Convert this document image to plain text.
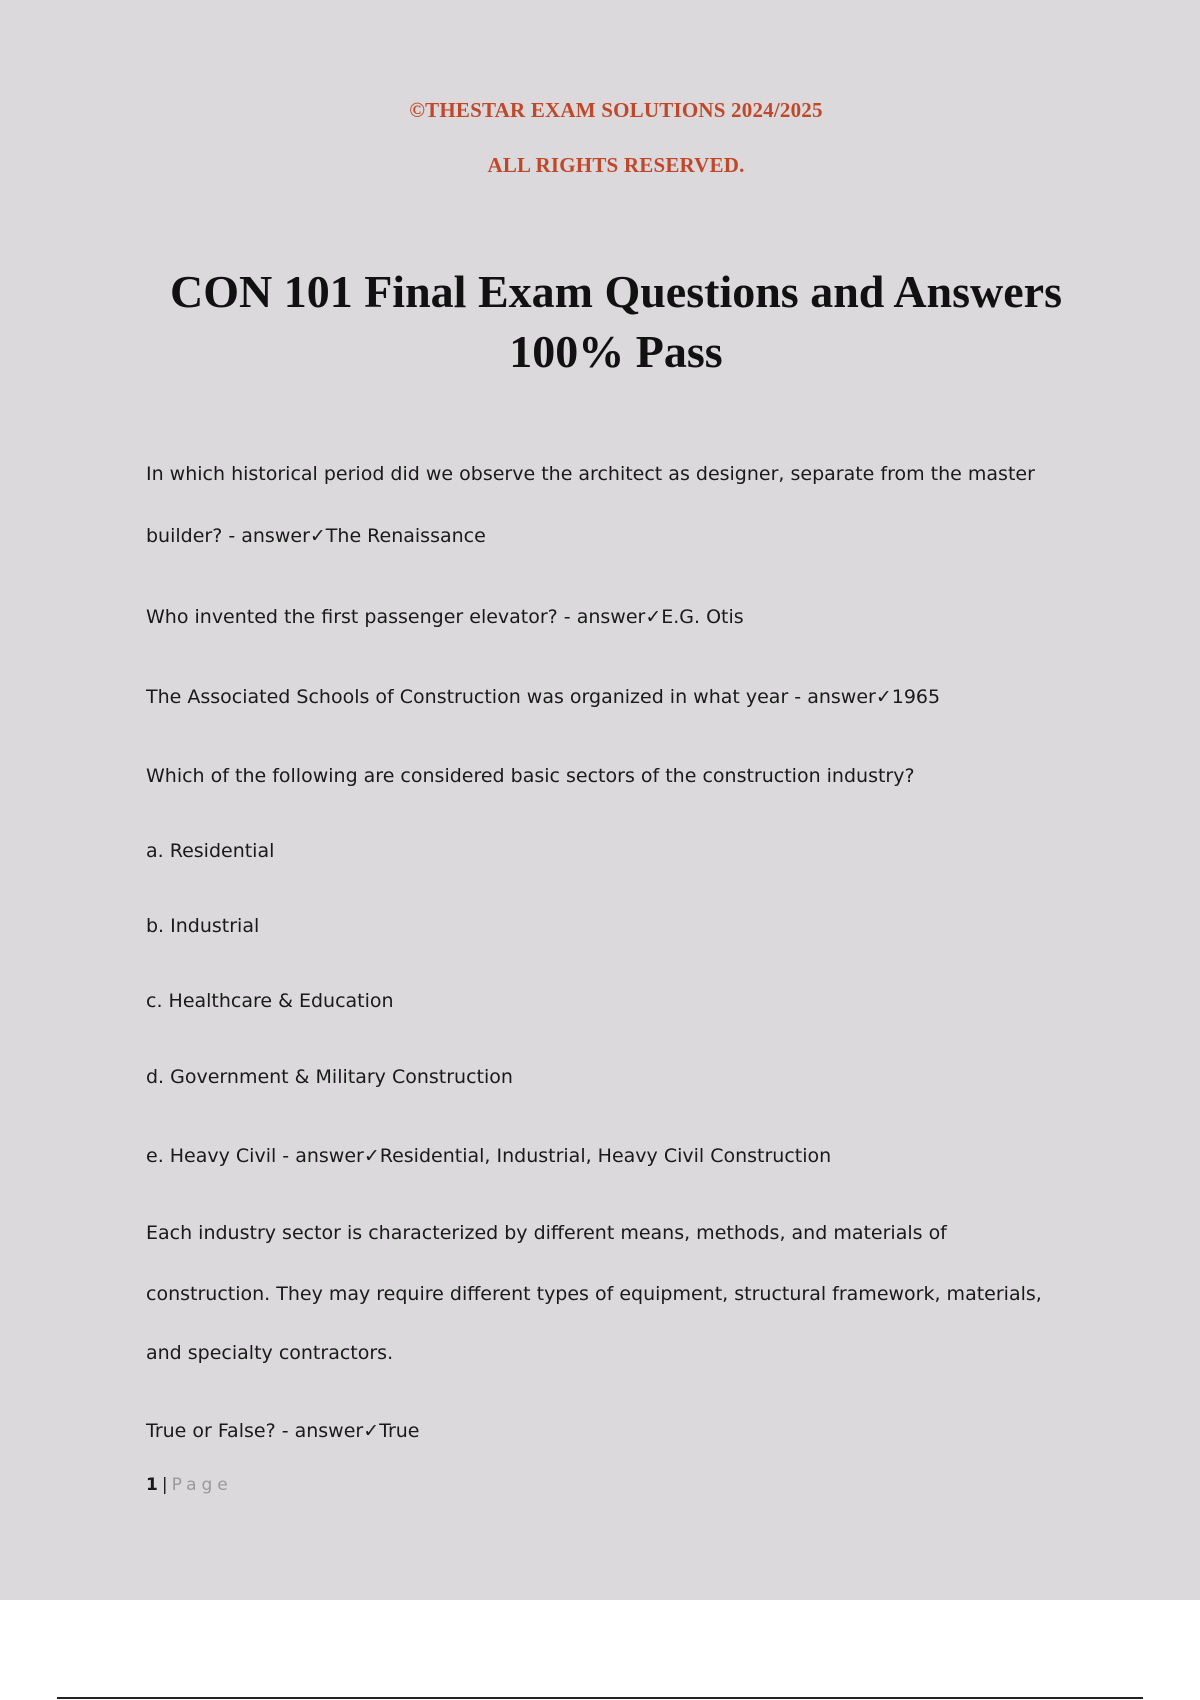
©THESTAR EXAM SOLUTIONS 2024/2025
ALL RIGHTS RESERVED.
CON 101 Final Exam Questions and Answers
100% Pass
In which historical period did we observe the architect as designer, separate from the master
builder? - answer✓The Renaissance
Who invented the first passenger elevator? - answer✓E.G. Otis
The Associated Schools of Construction was organized in what year - answer✓1965
Which of the following are considered basic sectors of the construction industry?
a. Residential
b. Industrial
c. Healthcare & Education
d. Government & Military Construction
e. Heavy Civil - answer✓Residential, Industrial, Heavy Civil Construction
Each industry sector is characterized by different means, methods, and materials of
construction. They may require different types of equipment, structural framework, materials,
and specialty contractors.
True or False? - answer✓True
1 | Page
